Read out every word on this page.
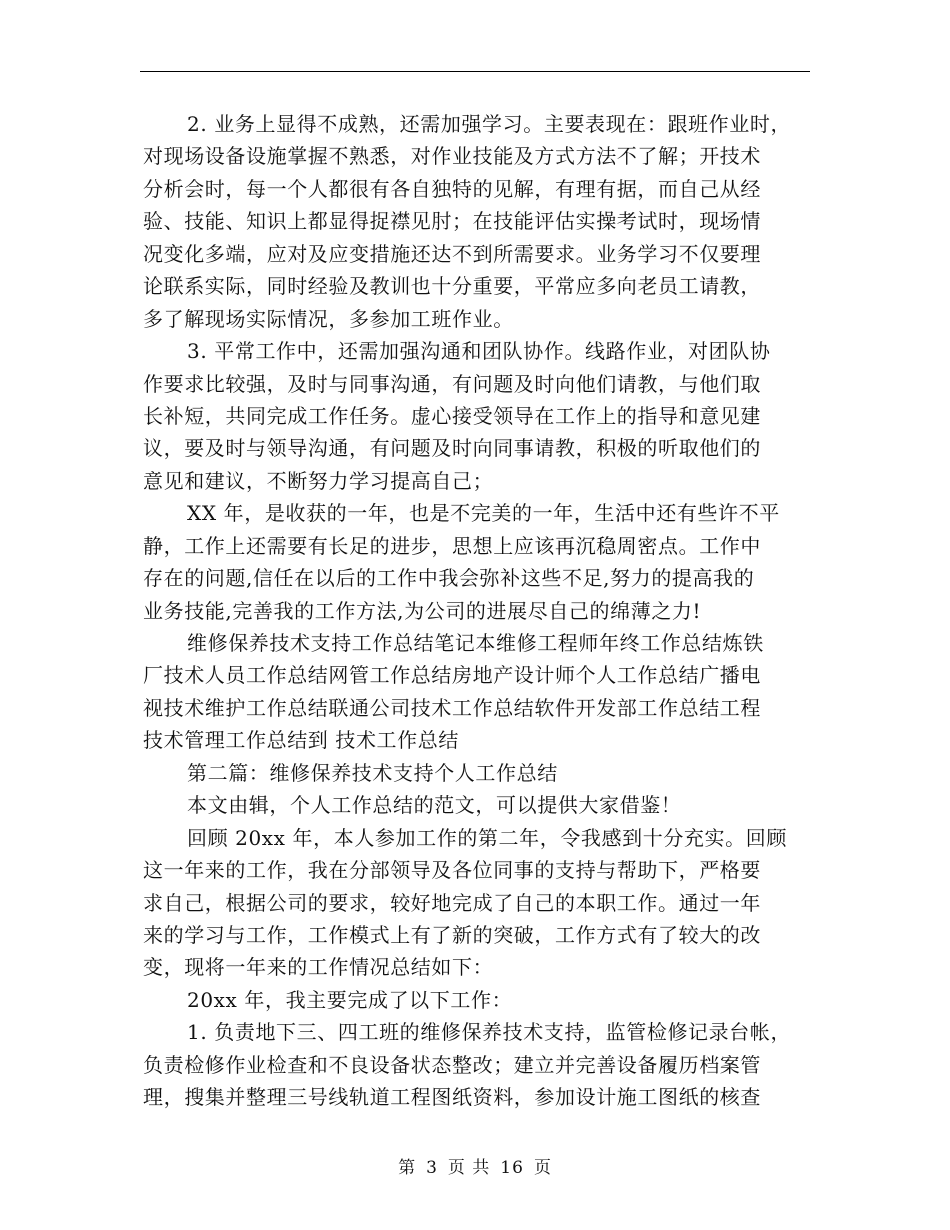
2. 业务上显得不成熟，还需加强学习。主要表现在：跟班作业时，
对现场设备设施掌握不熟悉，对作业技能及方式方法不了解；开技术
分析会时，每一个人都很有各自独特的见解，有理有据，而自己从经
验、技能、知识上都显得捉襟见肘；在技能评估实操考试时，现场情
况变化多端，应对及应变措施还达不到所需要求。业务学习不仅要理
论联系实际，同时经验及教训也十分重要，平常应多向老员工请教，
多了解现场实际情况，多参加工班作业。
3. 平常工作中，还需加强沟通和团队协作。线路作业，对团队协
作要求比较强，及时与同事沟通，有问题及时向他们请教，与他们取
长补短，共同完成工作任务。虚心接受领导在工作上的指导和意见建
议，要及时与领导沟通，有问题及时向同事请教，积极的听取他们的
意见和建议，不断努力学习提高自己；
XX 年，是收获的一年，也是不完美的一年，生活中还有些许不平
静，工作上还需要有长足的进步，思想上应该再沉稳周密点。工作中
存在的问题,信任在以后的工作中我会弥补这些不足,努力的提高我的
业务技能,完善我的工作方法,为公司的进展尽自己的绵薄之力!
维修保养技术支持工作总结笔记本维修工程师年终工作总结炼铁
厂技术人员工作总结网管工作总结房地产设计师个人工作总结广播电
视技术维护工作总结联通公司技术工作总结软件开发部工作总结工程
技术管理工作总结到 技术工作总结
第二篇：维修保养技术支持个人工作总结
本文由辑，个人工作总结的范文，可以提供大家借鉴！
回顾 20xx 年，本人参加工作的第二年，令我感到十分充实。回顾
这一年来的工作，我在分部领导及各位同事的支持与帮助下，严格要
求自己，根据公司的要求，较好地完成了自己的本职工作。通过一年
来的学习与工作，工作模式上有了新的突破，工作方式有了较大的改
变，现将一年来的工作情况总结如下：
20xx 年，我主要完成了以下工作：
1. 负责地下三、四工班的维修保养技术支持，监管检修记录台帐，
负责检修作业检查和不良设备状态整改；建立并完善设备履历档案管
理，搜集并整理三号线轨道工程图纸资料，参加设计施工图纸的核查
第 3 页 共 16 页
